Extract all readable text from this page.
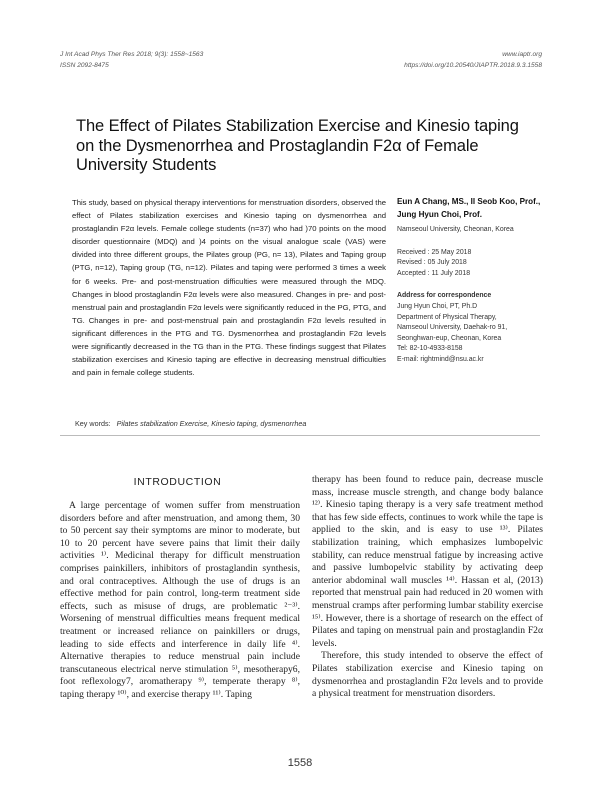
J Int Acad Phys Ther Res 2018; 9(3): 1558~1563
ISSN 2092-8475
www.iaptr.org
https://doi.org/10.20540/JIAPTR.2018.9.3.1558
The Effect of Pilates Stabilization Exercise and Kinesio taping on the Dysmenorrhea and Prostaglandin F2α of Female University Students

This study, based on physical therapy interventions for menstruation disorders, observed the effect of Pilates stabilization exercises and Kinesio taping on dysmenorrhea and prostaglandin F2α levels. Female college students (n=37) who had )70 points on the mood disorder questionnaire (MDQ) and )4 points on the visual analogue scale (VAS) were divided into three different groups, the Pilates group (PG, n= 13), Pilates and Taping group (PTG, n=12), Taping group (TG, n=12). Pilates and taping were performed 3 times a week for 6 weeks. Pre- and post-menstruation difficulties were measured through the MDQ. Changes in blood prostaglandin F2α levels were also measured. Changes in pre- and post-menstrual pain and prostaglandin F2α levels were significantly reduced in the PG, PTG, and TG. Changes in pre- and post-menstrual pain and prostaglandin F2α levels resulted in significant differences in the PTG and TG. Dysmenorrhea and prostaglandin F2α levels were significantly decreased in the TG than in the PTG. These findings suggest that Pilates stabilization exercises and Kinesio taping are effective in decreasing menstrual difficulties and pain in female college students.

Eun A Chang, MS., Il Seob Koo, Prof., Jung Hyun Choi, Prof.

Namseoul University, Cheonan, Korea
Received : 25 May 2018
Revised : 05 July 2018
Accepted : 11 July 2018
Address for correspondence
Jung Hyun Choi, PT, Ph.D
Department of Physical Therapy,
Namseoul University, Daehak-ro 91,
Seonghwan-eup, Cheonan, Korea
Tel: 82-10-4933-8158
E-mail: rightmind@nsu.ac.kr
Key words: Pilates stabilization Exercise, Kinesio taping, dysmenorrhea
INTRODUCTION

A large percentage of women suffer from menstruation disorders before and after menstruation, and among them, 30 to 50 percent say their symptoms are minor to moderate, but 10 to 20 percent have severe pains that limit their daily activities ¹⁾. Medicinal therapy for difficult menstruation comprises painkillers, inhibitors of prostaglandin synthesis, and oral contraceptives. Although the use of drugs is an effective method for pain control, long-term treatment side effects, such as misuse of drugs, are problematic ²⁻³⁾. Worsening of menstrual difficulties means frequent medical treatment or increased reliance on painkillers or drugs, leading to side effects and interference in daily life ⁴⁾. Alternative therapies to reduce menstrual pain include transcutaneous electrical nerve stimulation ⁵⁾, mesotherapy6, foot reflexology7, aromatherapy ⁹⁾, temperate therapy ⁸⁾, taping therapy ¹⁰⁾, and exercise therapy ¹¹⁾. Taping

therapy has been found to reduce pain, decrease muscle mass, increase muscle strength, and change body balance ¹²⁾. Kinesio taping therapy is a very safe treatment method that has few side effects, continues to work while the tape is applied to the skin, and is easy to use ¹³⁾. Pilates stabilization training, which emphasizes lumbopelvic stability, can reduce menstrual fatigue by increasing active and passive lumbopelvic stability by activating deep anterior abdominal wall muscles ¹⁴⁾. Hassan et al, (2013) reported that menstrual pain had reduced in 20 women with menstrual cramps after performing lumbar stability exercise ¹⁵⁾. However, there is a shortage of research on the effect of Pilates and taping on menstrual pain and prostaglandin F2α levels.
Therefore, this study intended to observe the effect of Pilates stabilization exercise and Kinesio taping on dysmenorrhea and prostaglandin F2α levels and to provide a physical treatment for menstruation disorders.
1558
